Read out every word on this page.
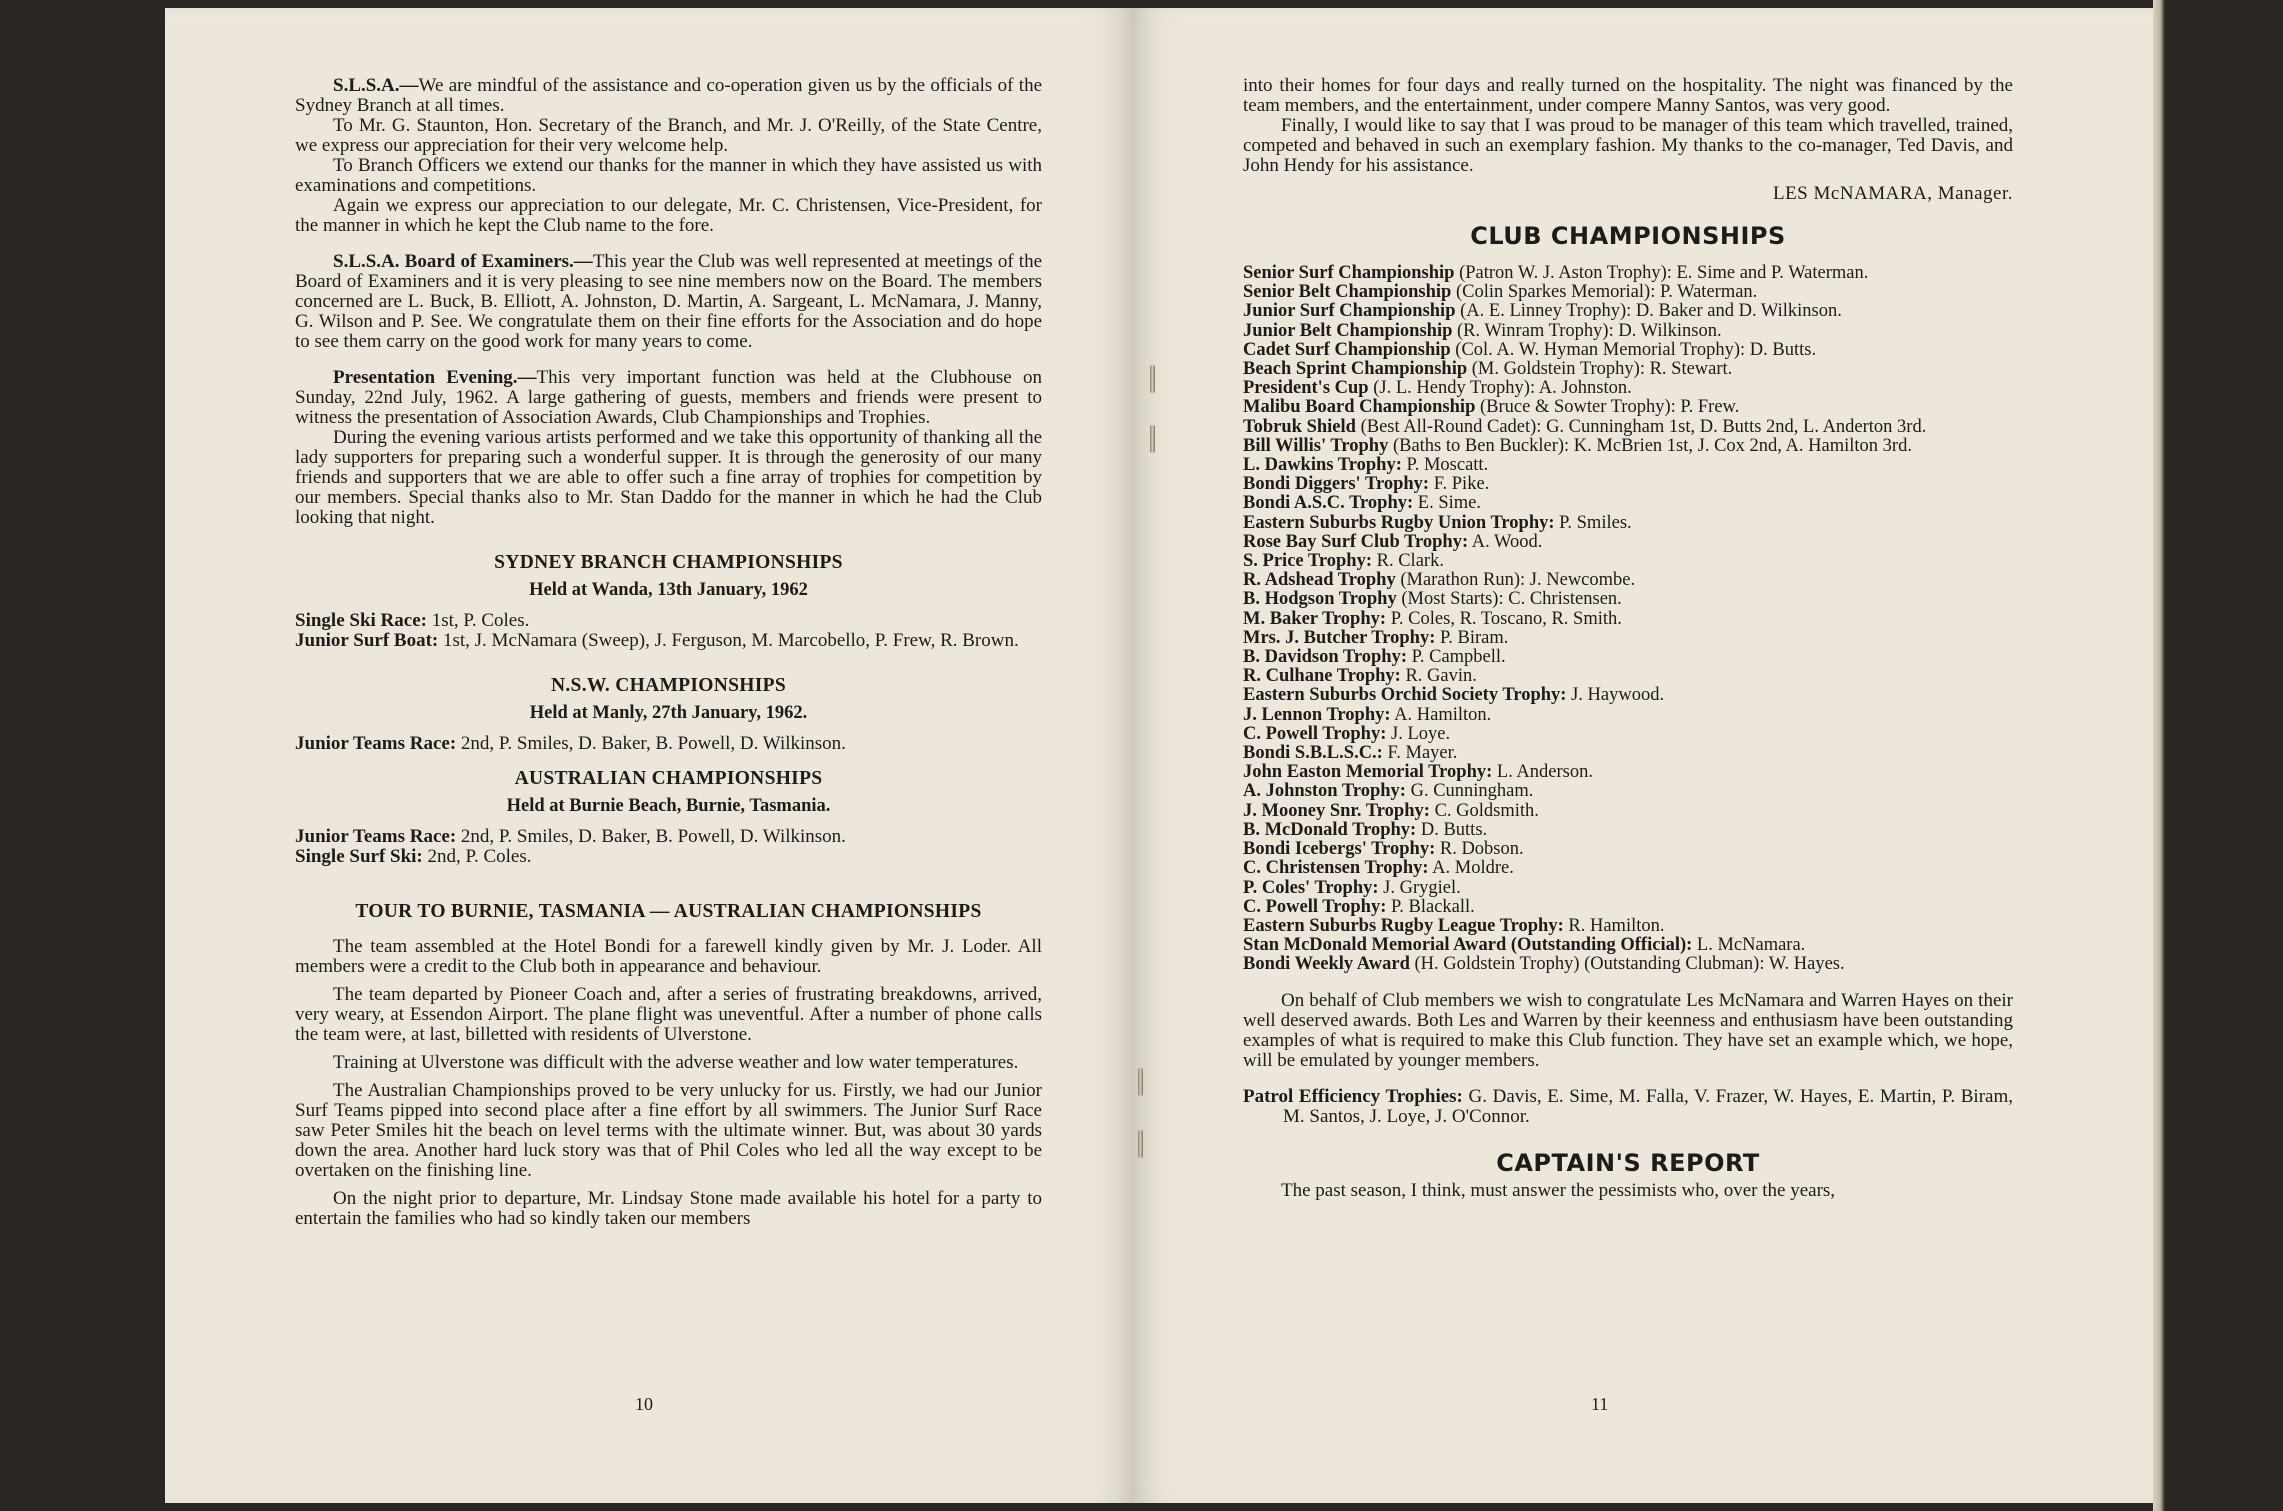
S.L.S.A.—We are mindful of the assistance and co-operation given us by the officials of the Sydney Branch at all times.

To Mr. G. Staunton, Hon. Secretary of the Branch, and Mr. J. O'Reilly, of the State Centre, we express our appreciation for their very welcome help.

To Branch Officers we extend our thanks for the manner in which they have assisted us with examinations and competitions.

Again we express our appreciation to our delegate, Mr. C. Christensen, Vice-President, for the manner in which he kept the Club name to the fore.

S.L.S.A. Board of Examiners.—This year the Club was well represented at meetings of the Board of Examiners and it is very pleasing to see nine members now on the Board. The members concerned are L. Buck, B. Elliott, A. Johnston, D. Martin, A. Sargeant, L. McNamara, J. Manny, G. Wilson and P. See. We congratulate them on their fine efforts for the Association and do hope to see them carry on the good work for many years to come.

Presentation Evening.—This very important function was held at the Clubhouse on Sunday, 22nd July, 1962. A large gathering of guests, members and friends were present to witness the presentation of Association Awards, Club Championships and Trophies.

During the evening various artists performed and we take this opportunity of thanking all the lady supporters for preparing such a wonderful supper. It is through the generosity of our many friends and supporters that we are able to offer such a fine array of trophies for competition by our members. Special thanks also to Mr. Stan Daddo for the manner in which he had the Club looking that night.

SYDNEY BRANCH CHAMPIONSHIPS
Held at Wanda, 13th January, 1962

Single Ski Race: 1st, P. Coles.

Junior Surf Boat: 1st, J. McNamara (Sweep), J. Ferguson, M. Marcobello, P. Frew, R. Brown.

N.S.W. CHAMPIONSHIPS
Held at Manly, 27th January, 1962.

Junior Teams Race: 2nd, P. Smiles, D. Baker, B. Powell, D. Wilkinson.

AUSTRALIAN CHAMPIONSHIPS
Held at Burnie Beach, Burnie, Tasmania.

Junior Teams Race: 2nd, P. Smiles, D. Baker, B. Powell, D. Wilkinson.

Single Surf Ski: 2nd, P. Coles.

TOUR TO BURNIE, TASMANIA — AUSTRALIAN CHAMPIONSHIPS

The team assembled at the Hotel Bondi for a farewell kindly given by Mr. J. Loder. All members were a credit to the Club both in appearance and behaviour.

The team departed by Pioneer Coach and, after a series of frustrating breakdowns, arrived, very weary, at Essendon Airport. The plane flight was uneventful. After a number of phone calls the team were, at last, billetted with residents of Ulverstone.

Training at Ulverstone was difficult with the adverse weather and low water temperatures.

The Australian Championships proved to be very unlucky for us. Firstly, we had our Junior Surf Teams pipped into second place after a fine effort by all swimmers. The Junior Surf Race saw Peter Smiles hit the beach on level terms with the ultimate winner. But, was about 30 yards down the area. Another hard luck story was that of Phil Coles who led all the way except to be overtaken on the finishing line.

On the night prior to departure, Mr. Lindsay Stone made available his hotel for a party to entertain the families who had so kindly taken our members

10

into their homes for four days and really turned on the hospitality. The night was financed by the team members, and the entertainment, under compere Manny Santos, was very good.

Finally, I would like to say that I was proud to be manager of this team which travelled, trained, competed and behaved in such an exemplary fashion. My thanks to the co-manager, Ted Davis, and John Hendy for his assistance.

LES McNAMARA, Manager.

CLUB CHAMPIONSHIPS

Senior Surf Championship (Patron W. J. Aston Trophy): E. Sime and P. Waterman.

Senior Belt Championship (Colin Sparkes Memorial): P. Waterman.

Junior Surf Championship (A. E. Linney Trophy): D. Baker and D. Wilkinson.

Junior Belt Championship (R. Winram Trophy): D. Wilkinson.

Cadet Surf Championship (Col. A. W. Hyman Memorial Trophy): D. Butts.

Beach Sprint Championship (M. Goldstein Trophy): R. Stewart.

President's Cup (J. L. Hendy Trophy): A. Johnston.

Malibu Board Championship (Bruce & Sowter Trophy): P. Frew.

Tobruk Shield (Best All-Round Cadet): G. Cunningham 1st, D. Butts 2nd, L. Anderton 3rd.

Bill Willis' Trophy (Baths to Ben Buckler): K. McBrien 1st, J. Cox 2nd, A. Hamilton 3rd.

L. Dawkins Trophy: P. Moscatt.

Bondi Diggers' Trophy: F. Pike.

Bondi A.S.C. Trophy: E. Sime.

Eastern Suburbs Rugby Union Trophy: P. Smiles.

Rose Bay Surf Club Trophy: A. Wood.

S. Price Trophy: R. Clark.

R. Adshead Trophy (Marathon Run): J. Newcombe.

B. Hodgson Trophy (Most Starts): C. Christensen.

M. Baker Trophy: P. Coles, R. Toscano, R. Smith.

Mrs. J. Butcher Trophy: P. Biram.

B. Davidson Trophy: P. Campbell.

R. Culhane Trophy: R. Gavin.

Eastern Suburbs Orchid Society Trophy: J. Haywood.

J. Lennon Trophy: A. Hamilton.

C. Powell Trophy: J. Loye.

Bondi S.B.L.S.C.: F. Mayer.

John Easton Memorial Trophy: L. Anderson.

A. Johnston Trophy: G. Cunningham.

J. Mooney Snr. Trophy: C. Goldsmith.

B. McDonald Trophy: D. Butts.

Bondi Icebergs' Trophy: R. Dobson.

C. Christensen Trophy: A. Moldre.

P. Coles' Trophy: J. Grygiel.

C. Powell Trophy: P. Blackall.

Eastern Suburbs Rugby League Trophy: R. Hamilton.

Stan McDonald Memorial Award (Outstanding Official): L. McNamara.

Bondi Weekly Award (H. Goldstein Trophy) (Outstanding Clubman): W. Hayes.

On behalf of Club members we wish to congratulate Les McNamara and Warren Hayes on their well deserved awards. Both Les and Warren by their keenness and enthusiasm have been outstanding examples of what is required to make this Club function. They have set an example which, we hope, will be emulated by younger members.

Patrol Efficiency Trophies: G. Davis, E. Sime, M. Falla, V. Frazer, W. Hayes, E. Martin, P. Biram, M. Santos, J. Loye, J. O'Connor.

CAPTAIN'S REPORT

The past season, I think, must answer the pessimists who, over the years,

11
